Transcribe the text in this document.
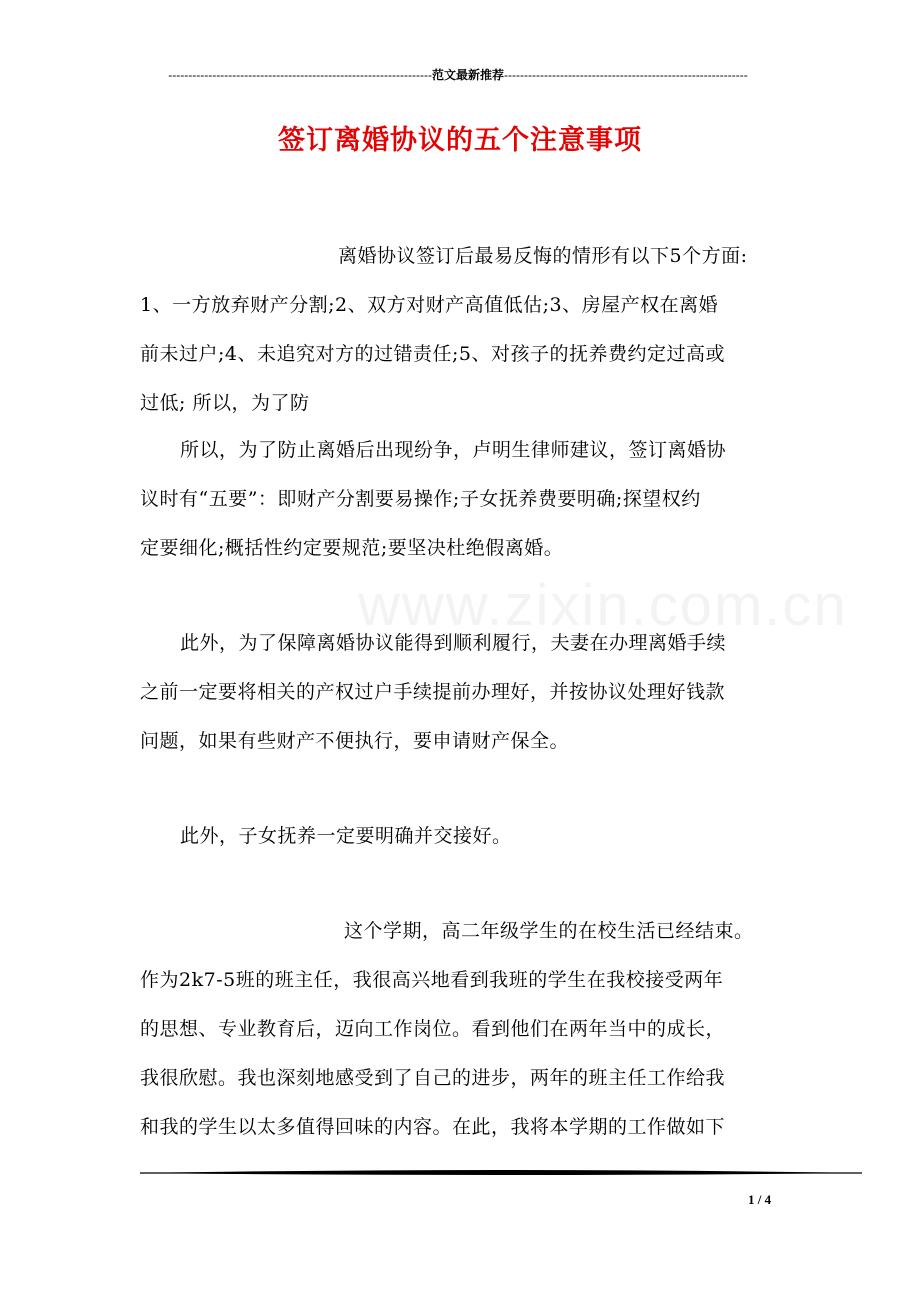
------------------------------------------------------------------范文最新推荐-------------------------------------------------------------
签订离婚协议的五个注意事项
www.zixin.com.cn
离婚协议签订后最易反悔的情形有以下5个方面:
1、一方放弃财产分割;2、双方对财产高值低估;3、房屋产权在离婚
前未过户;4、未追究对方的过错责任;5、对孩子的抚养费约定过高或
过低; 所以，为了防
所以，为了防止离婚后出现纷争，卢明生律师建议，签订离婚协
议时有“五要”：即财产分割要易操作;子女抚养费要明确;探望权约
定要细化;概括性约定要规范;要坚决杜绝假离婚。
此外，为了保障离婚协议能得到顺利履行，夫妻在办理离婚手续
之前一定要将相关的产权过户手续提前办理好，并按协议处理好钱款
问题，如果有些财产不便执行，要申请财产保全。
此外，子女抚养一定要明确并交接好。
这个学期，高二年级学生的在校生活已经结束。
作为2k7-5班的班主任，我很高兴地看到我班的学生在我校接受两年
的思想、专业教育后，迈向工作岗位。看到他们在两年当中的成长，
我很欣慰。我也深刻地感受到了自己的进步，两年的班主任工作给我
和我的学生以太多值得回味的内容。在此，我将本学期的工作做如下
1 / 4
